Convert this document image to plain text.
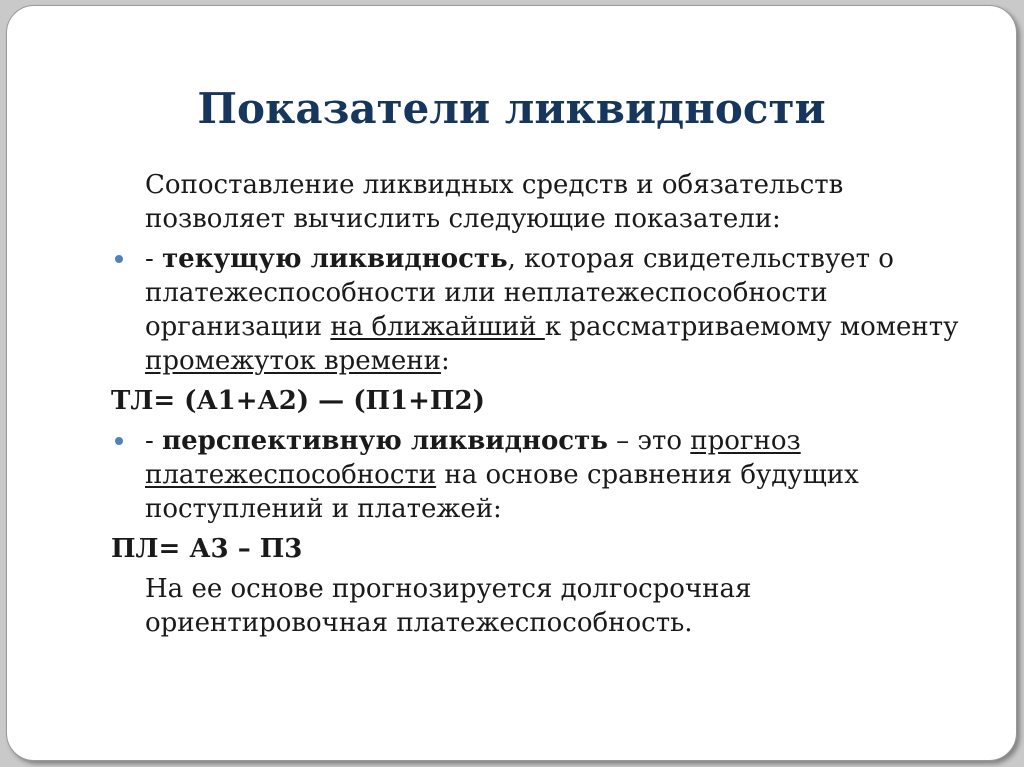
Показатели ликвидности

Сопоставление ликвидных средств и обязательств позволяет вычислить следующие показатели:

- текущую ликвидность, которая свидетельствует о платежеспособности или неплатежеспособности организации на ближайший к рассматриваемому моменту промежуток времени:

ТЛ= (А1+А2) — (П1+П2)

- перспективную ликвидность – это прогноз платежеспособности на основе сравнения будущих поступлений и платежей:

ПЛ= А3 – П3

На ее основе прогнозируется долгосрочная ориентировочная платежеспособность.
